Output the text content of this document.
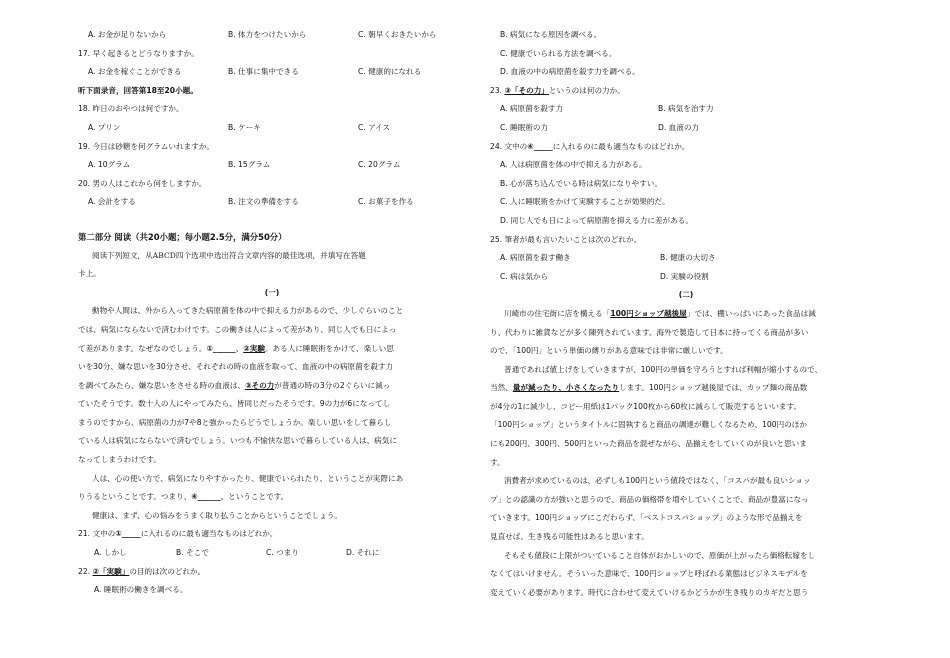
A. お金が足りないから	B. 体力をつけたいから	C. 朝早くおきたいから
17. 早く起きるとどうなりますか。
A. お金を稼ぐことができる	B. 仕事に集中できる	C. 健康的になれる
听下面录音，回答第18至20小题。
18. 昨日のおやつは何ですか。
A. プリン	B. ケーキ	C. アイス
19. 今日は砂糖を何グラムいれますか。
A. 10グラム	B. 15グラム	C. 20グラム
20. 男の人はこれから何をしますか。
A. 会計をする	B. 注文の準備をする	C. お菓子を作る
第二部分 阅读（共20小题；每小题2.5分，满分50分）
阅读下列短文，从ABCD四个选项中选出符合文章内容的最佳选项，并填写在答题
卡上。
(一)
動物や人間は、外から入ってきた病原菌を体の中で抑える力があるので、少しぐらいのこと
では、病気にならないで済むわけです。この働きは人によって差があり、同じ人でも日によっ
て差があります。なぜなのでしょう。①______、②実験。ある人に睡眠術をかけて、楽しい思
いを30分、嫌な思いを30分させ、それぞれの時の血液を取って、血液の中の病原菌を殺す力
を調べてみたら、嫌な思いをさせる時の血液は、③その力が普通の時の3分の2ぐらいに減っ
ていたそうです。数十人の人にやってみたら、皆同じだったそうです。9の力が6になってし
まうのですから、病原菌の力が7や8と強かったらどうでしょうか。楽しい思いをして暮らし
ている人は病気にならないで済むでしょう。いつも不愉快な思いで暮らしている人は、病気に
なってしまうわけです。
人は、心の使い方で、病気になりやすかったり、健康でいられたり、ということが実際にあ
りうるということです。つまり、④______、ということです。
健康は、まず、心の悩みをうまく取り払うことからということでしょう。
21. 文中の①_____に入れるのに最も適当なものはどれか。
A. しかし	B. そこで	C. つまり	D. それに
22. ②「実験」の目的は次のどれか。
A. 睡眠術の働きを調べる。
B. 病気になる原因を調べる。
C. 健康でいられる方法を調べる。
D. 血液の中の病原菌を殺す力を調べる。
23. ③「その力」というのは何の力か。
A. 病原菌を殺す力	B. 病気を治す力
C. 睡眠術の力	D. 血液の力
24. 文中の④_____に入れるのに最も適当なものはどれか。
A. 人は病原菌を体の中で抑える力がある。
B. 心が落ち込んでいる時は病気になりやすい。
C. 人に睡眠術をかけて実験することが効果的だ。
D. 同じ人でも日によって病原菌を抑える力に差がある。
25. 筆者が最も言いたいことは次のどれか。
A. 病原菌を殺す働き	B. 健康の大切さ
C. 病は気から	D. 実験の役割
(二)
川崎市の住宅街に店を構える「100円ショップ越後屋」では、棚いっぱいにあった食品は減
り、代わりに雑貨などが多く陳列されています。海外で製造して日本に持ってくる商品が多い
ので、「100円」という単価の縛りがある意味では非常に厳しいです。
普通であれば値上げをしていきますが、100円の単価を守ろうとすれば利幅が縮小するので、
当然、量が減ったり、小さくなったりします。100円ショップ越後屋では、カップ麺の商品数
が4分の1に減少し、コピー用紙は1パック100枚から60枚に減らして販売するといいます。
「100円ショップ」というタイトルに固執すると商品の調達が難しくなるため、100円のほか
にも200円、300円、500円といった商品を混ぜながら、品揃えをしていくのが良いと思いま
す。
消費者が求めているのは、必ずしも100円という値段ではなく、「コスパが最も良いショッ
プ」との認識の方が強いと思うので、商品の価格帯を増やしていくことで、商品が豊富になっ
ていきます。100円ショップにこだわらず、「ベストコスパショップ」のような形で品揃えを
見直せば、生き残る可能性はあると思います。
そもそも値段に上限がついていること自体がおかしいので、原価が上がったら価格転嫁をし
なくてはいけません。そういった意味で、100円ショップと呼ばれる業態はビジネスモデルを
変えていく必要があります。時代に合わせて変えていけるかどうかが生き残りのカギだと思う
